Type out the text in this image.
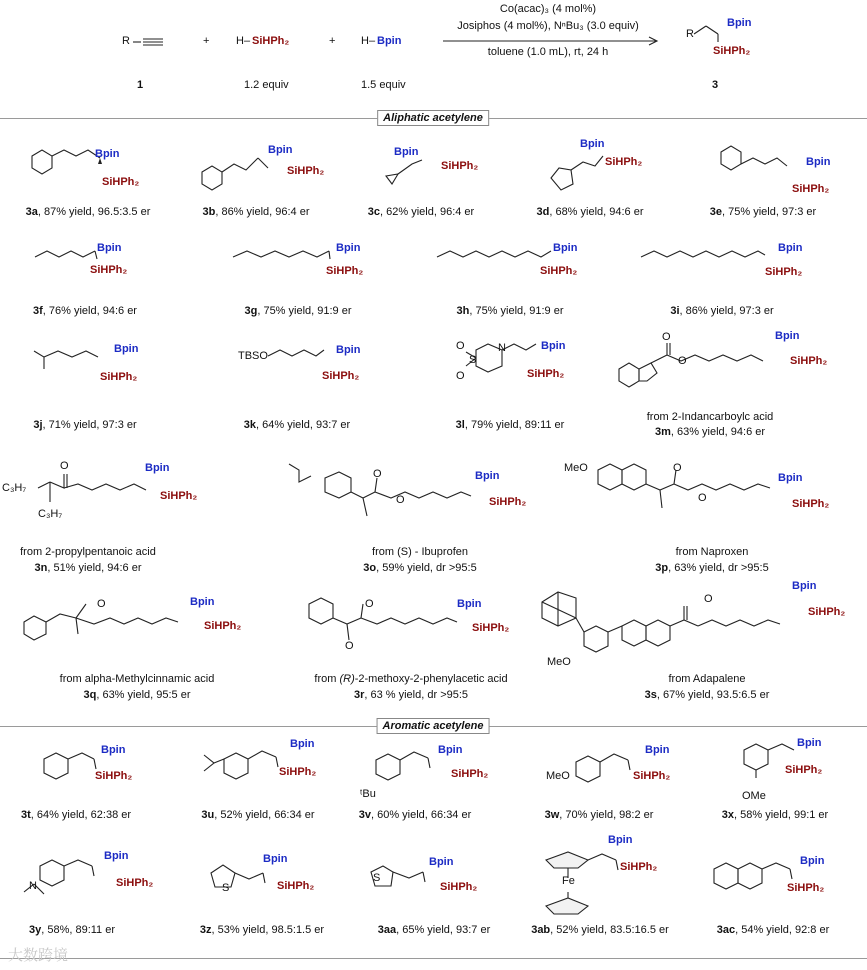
R	+ H– SiHPh₂	+ H– Bpin
1	1.2 equiv	1.5 equiv
Co(acac)₃ (4 mol%)
Josiphos (4 mol%), NⁿBu₃ (3.0 equiv)
toluene (1.0 mL), rt, 24 h
R
Bpin
SiHPh₂
3
Aliphatic acetylene
Bpin
SiHPh₂
Bpin
SiHPh₂
Bpin
SiHPh₂
Bpin
SiHPh₂	Bpin
SiHPh₂
3a, 87% yield, 96.5:3.5 er	3b, 86% yield, 96:4 er	3c, 62% yield, 96:4 er	3d, 68% yield, 94:6 er	3e, 75% yield, 97:3 er
Bpin
SiHPh₂
Bpin
SiHPh₂
Bpin
SiHPh₂
Bpin
SiHPh₂
3f, 76% yield, 94:6 er	3g, 75% yield, 91:9 er	3h, 75% yield, 91:9 er	3i, 86% yield, 97:3 er
Bpin
SiHPh₂
TBSO	Bpin
SiHPh₂
N
S
O
O
Bpin
SiHPh₂
O
O
Bpin
SiHPh₂
3j, 71% yield, 97:3 er	3k, 64% yield, 93:7 er	3l, 79% yield, 89:11 er
from 2-Indancarboylc acid
3m, 63% yield, 94:6 er
C₃H₇
C₃H₇
O	Bpin
SiHPh₂
O
O
Bpin
SiHPh₂
MeO	O
O
Bpin
SiHPh₂
from 2-propylpentanoic acid
3n, 51% yield, 94:6 er
from (S) - Ibuprofen
3o, 59% yield, dr >95:5
from Naproxen
3p, 63% yield, dr >95:5
O	Bpin
SiHPh₂
O
O
Bpin
SiHPh₂
MeO
O
Bpin
SiHPh₂
from alpha-Methylcinnamic acid
3q, 63% yield, 95:5 er
from (R)-2-methoxy-2-phenylacetic acid
3r, 63 % yield, dr >95:5
from Adapalene
3s, 67% yield, 93.5:6.5 er
Aromatic acetylene
Bpin
SiHPh₂
Bpin
SiHPh₂
ᵗBu
Bpin
SiHPh₂	MeO
Bpin
SiHPh₂
Bpin
SiHPh₂
OMe
3t, 64% yield, 62:38 er	3u, 52% yield, 66:34 er	3v, 60% yield, 66:34 er	3w, 70% yield, 98:2 er	3x, 58% yield, 99:1 er
N
Bpin
SiHPh₂	S
Bpin
SiHPh₂
S
Bpin
SiHPh₂	Fe
Bpin
SiHPh₂	Bpin
SiHPh₂
3y, 58%, 89:11 er	3z, 53% yield, 98.5:1.5 er	3aa, 65% yield, 93:7 er	3ab, 52% yield, 83.5:16.5 er	3ac, 54% yield, 92:8 er
大数跨境
